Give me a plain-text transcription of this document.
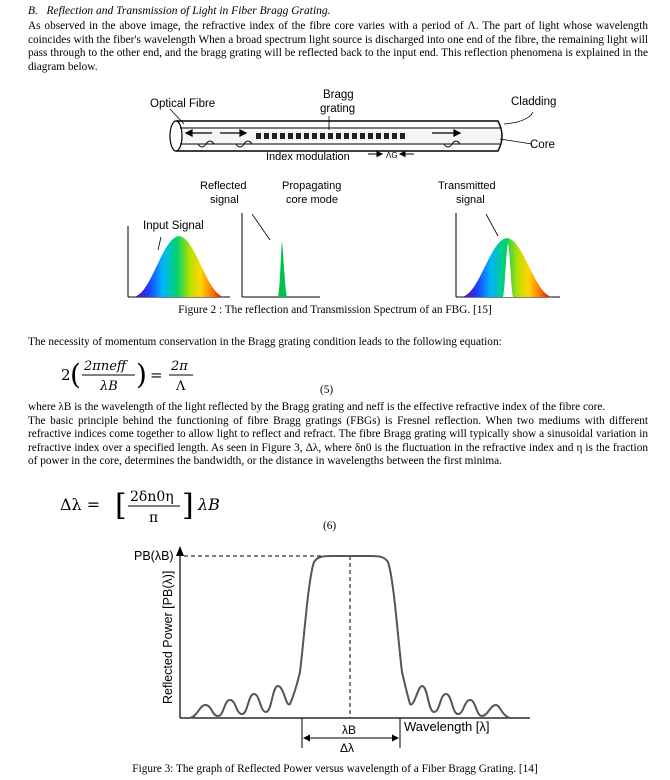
B. Reflection and Transmission of Light in Fiber Bragg Grating.

As observed in the above image, the refractive index of the fibre core varies with a period of Λ. The part of light whose wavelength coincides with the fiber's wavelength When a broad spectrum light source is discharged into one end of the fibre, the remaining light will pass through to the other end, and the bragg grating will be reflected back to the input end. This reflection phenomena is explained in the diagram below.

Optical Fibre
Bragg
grating
Cladding
Core
Index modulation	ΛG
Reflected
signal
Propagating
core mode
Transmitted
signal
Input Signal

Figure 2 : The reflection and Transmission Spectrum of an FBG. [15]

The necessity of momentum conservation in the Bragg grating condition leads to the following equation:

2 ( 2πneff
λB ) = 2π
Λ	(5)

where λB is the wavelength of the light reflected by the Bragg grating and neff is the effective refractive index of the fibre core.
The basic principle behind the functioning of fibre Bragg gratings (FBGs) is Fresnel reflection. When two mediums with different refractive indices come together to allow light to reflect and refract. The fibre Bragg grating will typically show a sinusoidal variation in refractive index over a specified length. As seen in Figure 3, Δλ, where δn0 is the fluctuation in the refractive index and η is the fraction of power in the core, determines the bandwidth, or the distance in wavelengths between the first minima.

Δλ = [ 2δn0η
π ] λB
(6)
PB(λB)
Reflected Power [PB(λ)]
Wavelength [λ]
λB
Δλ

Figure 3: The graph of Reflected Power versus wavelength of a Fiber Bragg Grating. [14]
